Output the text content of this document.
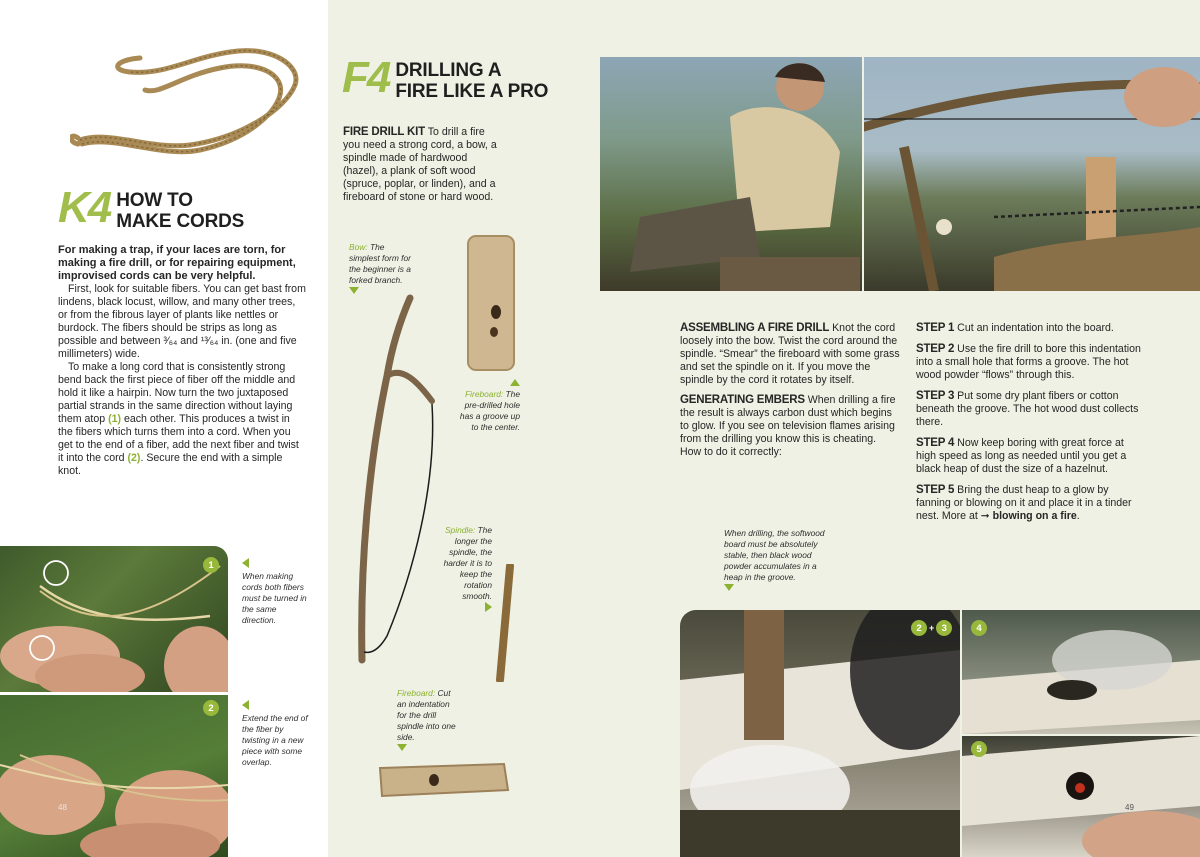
K4 HOW TO
MAKE CORDS

For making a trap, if your laces are torn, for making a fire drill, or for repairing equipment, improvised cords can be very helpful.

First, look for suitable fibers. You can get bast from lindens, black locust, willow, and many other trees, or from the fibrous layer of plants like nettles or burdock. The fibers should be strips as long as possible and between ³⁄₆₄ and ¹³⁄₆₄ in. (one and five millimeters) wide.

To make a long cord that is consistently strong bend back the first piece of fiber off the middle and hold it like a hairpin. Now turn the two juxtaposed partial strands in the same direction without laying them atop (1) each other. This produces a twist in the fibers which turns them into a cord. When you get to the end of a fiber, add the next fiber and twist it into the cord (2). Secure the end with a simple knot.

1
2
48

When making cords both fibers must be turned in the same direction.

Extend the end of the fiber by twisting in a new piece with some overlap.
F4 DRILLING A
FIRE LIKE A PRO
FIRE DRILL KIT To drill a fire you need a strong cord, a bow, a spindle made of hardwood (hazel), a plank of soft wood (spruce, poplar, or linden), and a fireboard of stone or hard wood.
Bow: The simplest form for the beginner is a forked branch.

Fireboard: The pre-drilled hole has a groove up to the center.
Spindle: The longer the spindle, the harder it is to keep the rotation smooth.

Fireboard: Cut an indentation for the drill spindle into one side.

ASSEMBLING A FIRE DRILL Knot the cord loosely into the bow. Twist the cord around the spindle. “Smear” the fireboard with some grass and set the spindle on it. If you move the spindle by the cord it rotates by itself.
GENERATING EMBERS When drilling a fire the result is always carbon dust which begins to glow. If you see on television flames arising from the drilling you know this is cheating. How to do it correctly:
STEP 1 Cut an indentation into the board.
STEP 2 Use the fire drill to bore this indentation into a small hole that forms a groove. The hot wood powder “flows” through this.
STEP 3 Put some dry plant fibers or cotton beneath the groove. The hot wood dust collects there.
STEP 4 Now keep boring with great force at high speed as long as needed until you get a black heap of dust the size of a hazelnut.
STEP 5 Bring the dust heap to a glow by fanning or blowing on it and place it in a tinder nest. More at ➞ blowing on a fire.
When drilling, the softwood board must be absolutely stable, then black wood powder accumulates in a heap in the groove.

2 + 3	4
5
49
